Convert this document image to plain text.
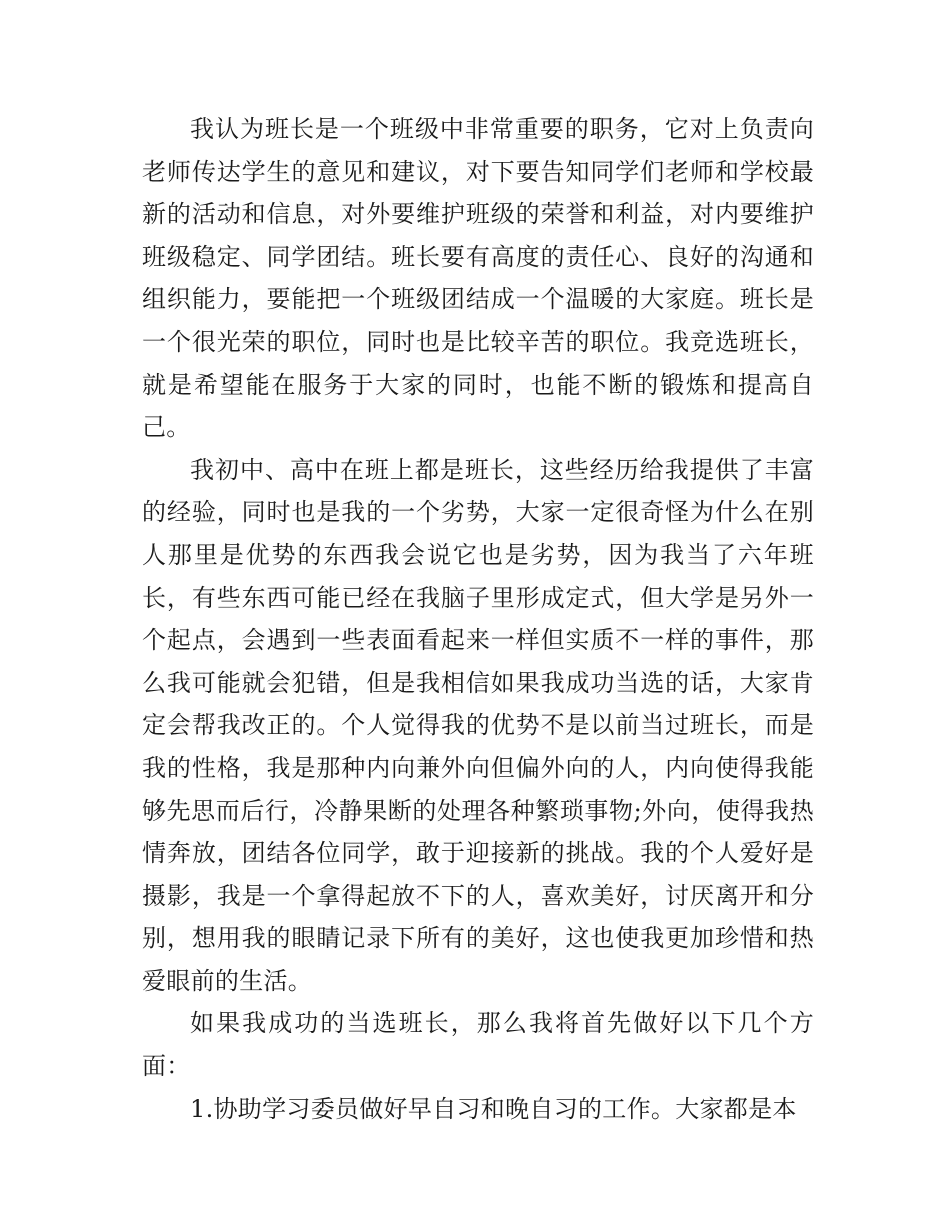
我认为班长是一个班级中非常重要的职务，它对上负责向老师传达学生的意见和建议，对下要告知同学们老师和学校最新的活动和信息，对外要维护班级的荣誉和利益，对内要维护班级稳定、同学团结。班长要有高度的责任心、良好的沟通和组织能力，要能把一个班级团结成一个温暖的大家庭。班长是一个很光荣的职位，同时也是比较辛苦的职位。我竞选班长，就是希望能在服务于大家的同时，也能不断的锻炼和提高自己。

我初中、高中在班上都是班长，这些经历给我提供了丰富的经验，同时也是我的一个劣势，大家一定很奇怪为什么在别人那里是优势的东西我会说它也是劣势，因为我当了六年班长，有些东西可能已经在我脑子里形成定式，但大学是另外一个起点，会遇到一些表面看起来一样但实质不一样的事件，那么我可能就会犯错，但是我相信如果我成功当选的话，大家肯定会帮我改正的。个人觉得我的优势不是以前当过班长，而是我的性格，我是那种内向兼外向但偏外向的人，内向使得我能够先思而后行，冷静果断的处理各种繁琐事物;外向，使得我热情奔放，团结各位同学，敢于迎接新的挑战。我的个人爱好是摄影，我是一个拿得起放不下的人，喜欢美好，讨厌离开和分别，想用我的眼睛记录下所有的美好，这也使我更加珍惜和热爱眼前的生活。

如果我成功的当选班长，那么我将首先做好以下几个方面：

1.协助学习委员做好早自习和晚自习的工作。大家都是本
